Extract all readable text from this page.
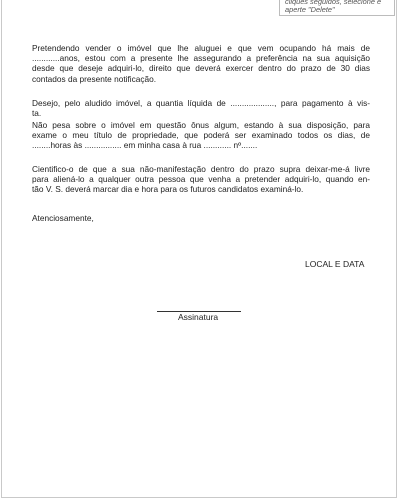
cliques seguidos, selecione e
aperte "Delete"
Pretendendo vender o imóvel que lhe aluguei e que vem ocupando há mais de
............anos, estou com a presente lhe assegurando a preferência na sua aquisição
desde que deseje adquiri-lo, direito que deverá exercer dentro do prazo de 30 dias
contados da presente notificação.
Desejo, pelo aludido imóvel, a quantia líquida de ..................., para pagamento à vis-
ta.
Não pesa sobre o imóvel em questão ônus algum, estando à sua disposição, para
exame o meu título de propriedade, que poderá ser examinado todos os dias, de
........horas às ................ em minha casa à rua ............ nº.......
Cientifico-o de que a sua não-manifestação dentro do prazo supra deixar-me-á livre
para aliená-lo a qualquer outra pessoa que venha a pretender adquiri-lo, quando en-
tão V. S. deverá marcar dia e hora para os futuros candidatos examiná-lo.
Atenciosamente,
LOCAL E DATA
Assinatura
